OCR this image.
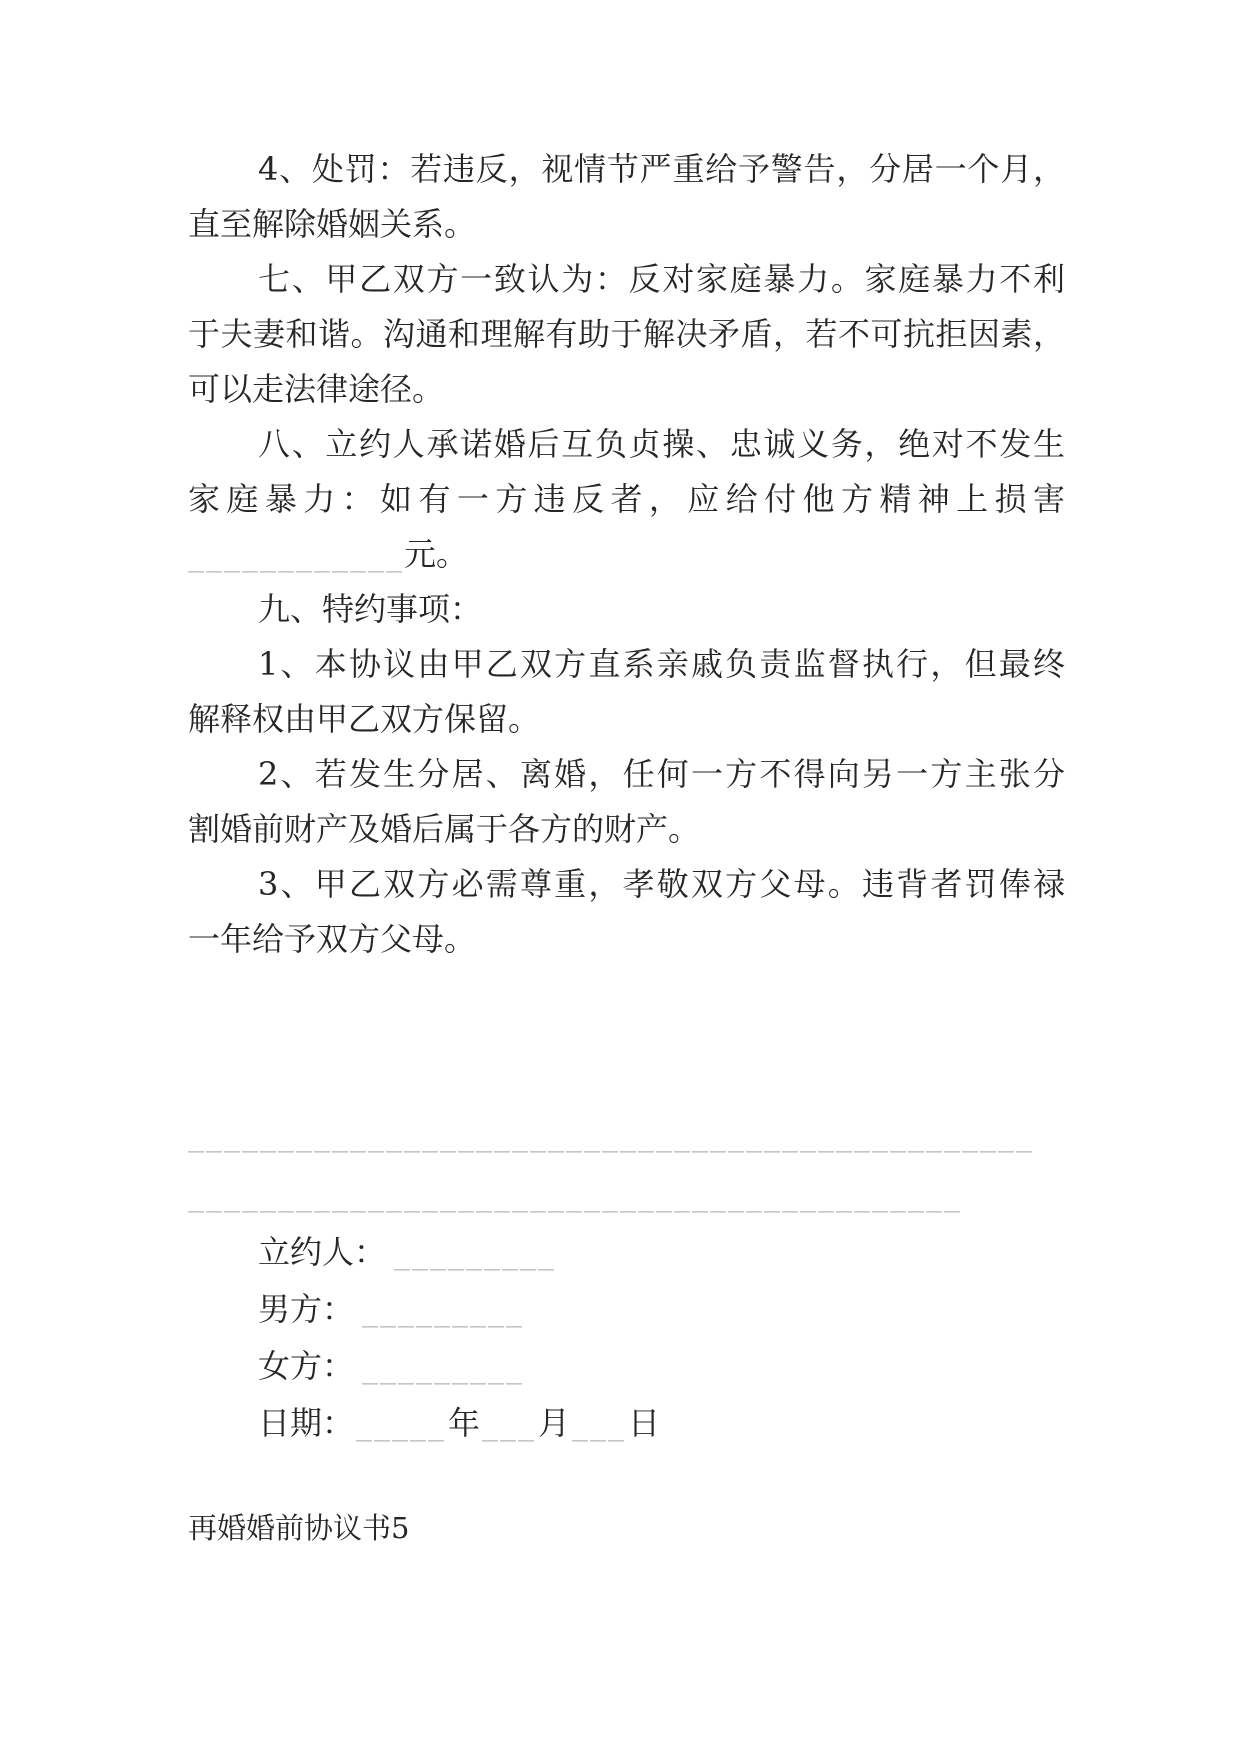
4、处罚：若违反，视情节严重给予警告，分居一个月，
直至解除婚姻关系。
七、甲乙双方一致认为：反对家庭暴力。家庭暴力不利
于夫妻和谐。沟通和理解有助于解决矛盾，若不可抗拒因素，
可以走法律途径。
八、立约人承诺婚后互负贞操、忠诚义务，绝对不发生
家庭暴力：如有一方违反者，应给付他方精神上损害
____________元。
九、特约事项：
1、本协议由甲乙双方直系亲戚负责监督执行，但最终
解释权由甲乙双方保留。
2、若发生分居、离婚，任何一方不得向另一方主张分
割婚前财产及婚后属于各方的财产。
3、甲乙双方必需尊重，孝敬双方父母。违背者罚俸禄
一年给予双方父母。
_______________________________________________
___________________________________________
立约人： _________
男方： _________
女方： _________
日期：_____年___月___日
再婚婚前协议书5
